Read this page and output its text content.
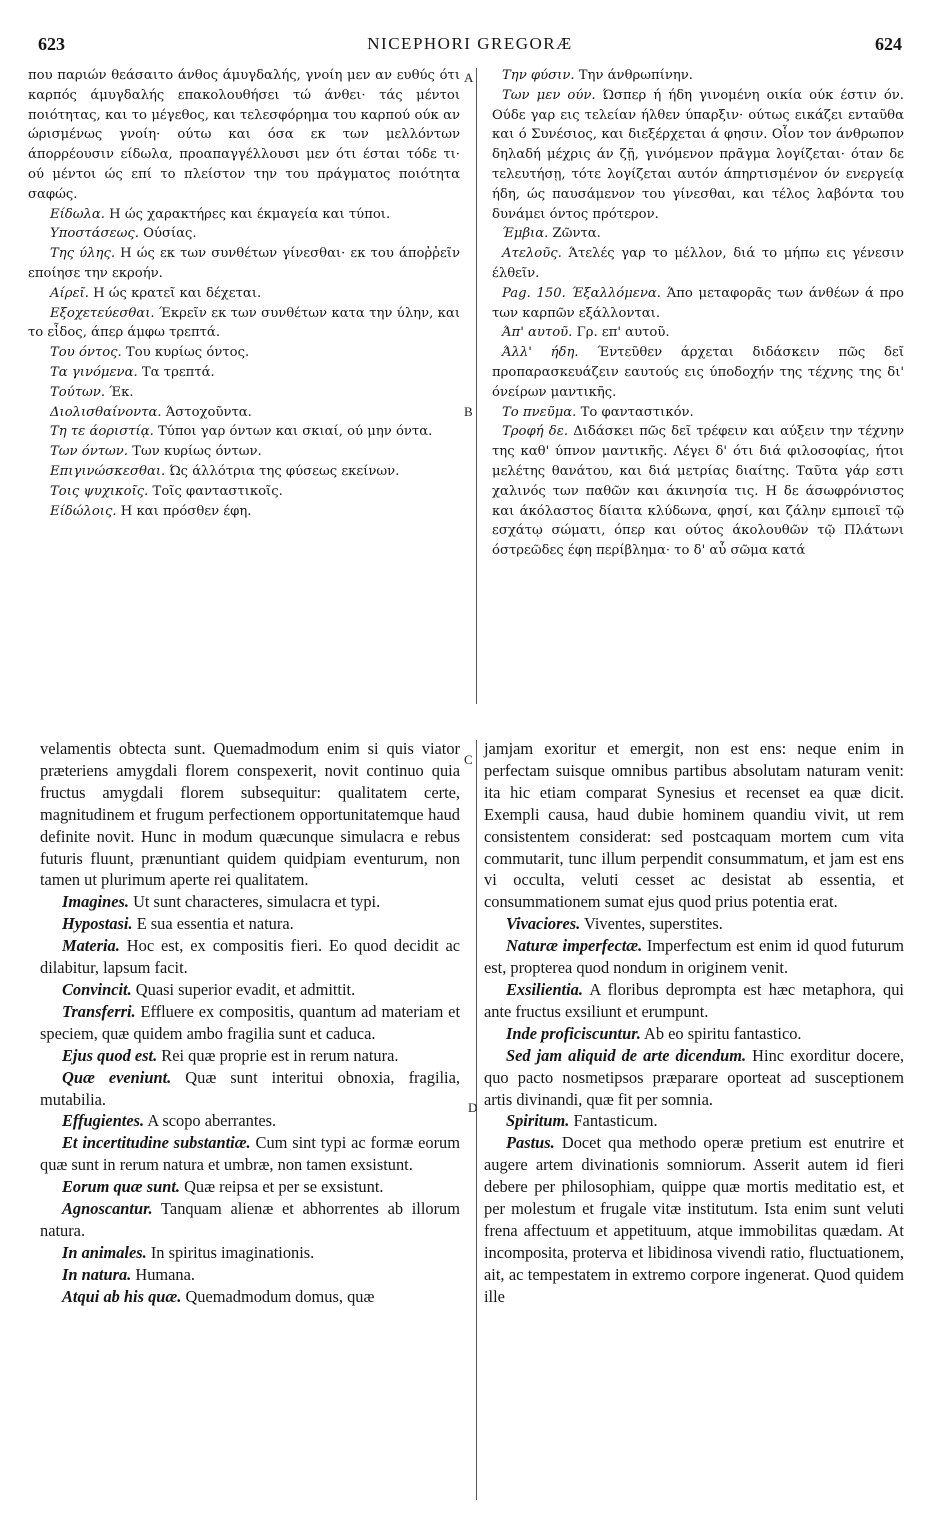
623	NICEPHORI GREGORÆ	624
A
B
C
D

που παριών θεάσαιτο άνθος άμυγδαλής, γνοίη μεν αν ευθύς ότι καρπός άμυγδαλής επακολουθήσει τώ άνθει· τάς μέντοι ποιότητας, και το μέγεθος, και τελεσφόρημα του καρπού ούκ αν ώρισμένως γνοίη· ούτω και όσα εκ των μελλόντων άπορρέουσιν είδωλα, προαπαγγέλλουσι μεν ότι έσται τόδε τι· ού μέντοι ώς επί το πλείστον την του πράγματος ποιότητα σαφώς.

Είδωλα. Η ώς χαρακτήρες και έκμαγεία και τύποι.

Υποστάσεως. Ούσίας.

Της ύλης. Η ώς εκ των συνθέτων γίνεσθαι· εκ του άποῤῥεῖν εποίησε την εκροήν.

Αίρεῖ. Η ώς κρατεῖ και δέχεται.

Εξοχετεύεσθαι. Έκρεῖν εκ των συνθέτων κατα την ύλην, και το εἶδος, άπερ άμφω τρεπτά.

Του όντος. Του κυρίως όντος.

Τα γινόμενα. Τα τρεπτά.

Τούτων. Έκ.

Διολισθαίνοντα. Άστοχοῦντα.

Τη τε άοριστίᾳ. Τύποι γαρ όντων και σκιαί, ού μην όντα.

Των όντων. Των κυρίως όντων.

Επιγινώσκεσθαι. Ώς άλλότρια της φύσεως εκείνων.

Τοις ψυχικοῖς. Τοῖς φανταστικοῖς.

Είδώλοις. Η και πρόσθεν έφη.

Την φύσιν. Την άνθρωπίνην.

Των μεν ούν. Ώσπερ ή ήδη γινομένη οικία ούκ έστιν όν. Ούδε γαρ εις τελείαν ήλθεν ύπαρξιν· ούτως εικάζει ενταῦθα και ό Συνέσιος, και διεξέρχεται ά φησιν. Οἷον τον άνθρωπον δηλαδή μέχρις άν ζῇ, γινόμενον πρᾶγμα λογίζεται· όταν δε τελευτήσῃ, τότε λογίζεται αυτόν άπηρτισμένον όν ενεργείᾳ ήδη, ώς παυσάμενον του γίνεσθαι, και τέλος λαβόντα του δυνάμει όντος πρότερον.

Έμβια. Ζῶντα.

Ατελοῦς. Άτελές γαρ το μέλλον, διά το μήπω εις γένεσιν έλθεῖν.

Pag. 150. Έξαλλόμενα. Άπο μεταφορᾶς των άνθέων ά προ των καρπῶν εξάλλονται.

Άπ' αυτοῦ. Γρ. επ' αυτοῦ.

Άλλ' ήδη. Έντεῦθεν άρχεται διδάσκειν πῶς δεῖ προπαρασκευάζειν εαυτούς εις ύποδοχήν της τέχνης της δι' όνείρων μαντικῆς.

Το πνεῦμα. Το φανταστικόν.

Τροφή δε. Διδάσκει πῶς δεῖ τρέφειν και αύξειν την τέχνην της καθ' ύπνον μαντικῆς. Λέγει δ' ότι διά φιλοσοφίας, ήτοι μελέτης θανάτου, και διά μετρίας διαίτης. Ταῦτα γάρ εστι χαλινός των παθῶν και άκινησία τις. Η δε άσωφρόνιστος και άκόλαστος δίαιτα κλύδωνα, φησί, και ζάλην εμποιεῖ τῷ εσχάτῳ σώματι, όπερ και ούτος άκολουθῶν τῷ Πλάτωνι όστρεῶδες έφη περίβλημα· το δ' αὖ σῶμα κατά

velamentis obtecta sunt. Quemadmodum enim si quis viator præteriens amygdali florem conspexerit, novit continuo quia fructus amygdali florem subsequitur: qualitatem certe, magnitudinem et frugum perfectionem opportunitatemque haud definite novit. Hunc in modum quæcunque simulacra e rebus futuris fluunt, prænuntiant quidem quidpiam eventurum, non tamen ut plurimum aperte rei qualitatem.

Imagines. Ut sunt characteres, simulacra et typi.

Hypostasi. E sua essentia et natura.

Materia. Hoc est, ex compositis fieri. Eo quod decidit ac dilabitur, lapsum facit.

Convincit. Quasi superior evadit, et admittit.

Transferri. Effluere ex compositis, quantum ad materiam et speciem, quæ quidem ambo fragilia sunt et caduca.

Ejus quod est. Rei quæ proprie est in rerum natura.

Quæ eveniunt. Quæ sunt interitui obnoxia, fragilia, mutabilia.

Effugientes. A scopo aberrantes.

Et incertitudine substantiæ. Cum sint typi ac formæ eorum quæ sunt in rerum natura et umbræ, non tamen exsistunt.

Eorum quæ sunt. Quæ reipsa et per se exsistunt.

Agnoscantur. Tanquam alienæ et abhorrentes ab illorum natura.

In animales. In spiritus imaginationis.

In natura. Humana.

Atqui ab his quæ. Quemadmodum domus, quæ

jamjam exoritur et emergit, non est ens: neque enim in perfectam suisque omnibus partibus absolutam naturam venit: ita hic etiam comparat Synesius et recenset ea quæ dicit. Exempli causa, haud dubie hominem quandiu vivit, ut rem consistentem considerat: sed postcaquam mortem cum vita commutarit, tunc illum perpendit consummatum, et jam est ens vi occulta, veluti cesset ac desistat ab essentia, et consummationem sumat ejus quod prius potentia erat.

Vivaciores. Viventes, superstites.

Naturæ imperfectæ. Imperfectum est enim id quod futurum est, propterea quod nondum in originem venit.

Exsilientia. A floribus deprompta est hæc metaphora, qui ante fructus exsiliunt et erumpunt.

Inde proficiscuntur. Ab eo spiritu fantastico.

Sed jam aliquid de arte dicendum. Hinc exorditur docere, quo pacto nosmetipsos præparare oporteat ad susceptionem artis divinandi, quæ fit per somnia.

Spiritum. Fantasticum.

Pastus. Docet qua methodo operæ pretium est enutrire et augere artem divinationis somniorum. Asserit autem id fieri debere per philosophiam, quippe quæ mortis meditatio est, et per molestum et frugale vitæ institutum. Ista enim sunt veluti frena affectuum et appetituum, atque immobilitas quædam. At incomposita, proterva et libidinosa vivendi ratio, fluctuationem, ait, ac tempestatem in extremo corpore ingenerat. Quod quidem ille
